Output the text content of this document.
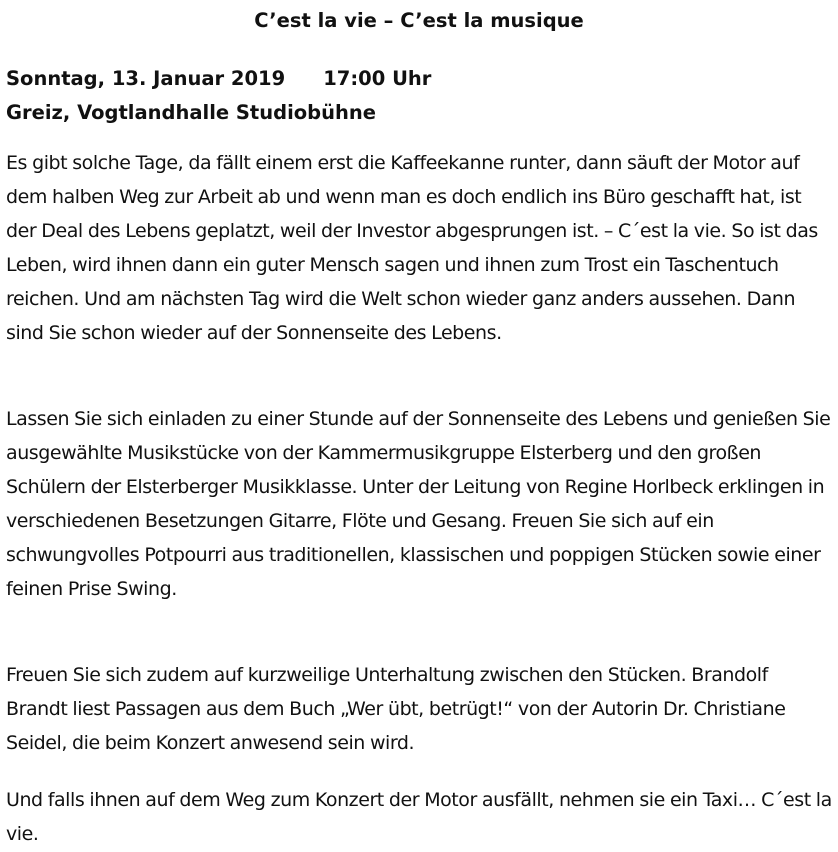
C’est la vie – C’est la musique
Sonntag, 13. Januar 2019 17:00 Uhr
Greiz, Vogtlandhalle Studiobühne

Es gibt solche Tage, da fällt einem erst die Kaffeekanne runter, dann säuft der Motor auf dem halben Weg zur Arbeit ab und wenn man es doch endlich ins Büro geschafft hat, ist der Deal des Lebens geplatzt, weil der Investor abgesprungen ist. – C´est la vie. So ist das Leben, wird ihnen dann ein guter Mensch sagen und ihnen zum Trost ein Taschentuch reichen. Und am nächsten Tag wird die Welt schon wieder ganz anders aussehen. Dann sind Sie schon wieder auf der Sonnenseite des Lebens.

Lassen Sie sich einladen zu einer Stunde auf der Sonnenseite des Lebens und genießen Sie ausgewählte Musikstücke von der Kammermusikgruppe Elsterberg und den großen Schülern der Elsterberger Musikklasse. Unter der Leitung von Regine Horlbeck erklingen in verschiedenen Besetzungen Gitarre, Flöte und Gesang. Freuen Sie sich auf ein schwungvolles Potpourri aus traditionellen, klassischen und poppigen Stücken sowie einer feinen Prise Swing.

Freuen Sie sich zudem auf kurzweilige Unterhaltung zwischen den Stücken. Brandolf Brandt liest Passagen aus dem Buch „Wer übt, betrügt!“ von der Autorin Dr. Christiane Seidel, die beim Konzert anwesend sein wird.

Und falls ihnen auf dem Weg zum Konzert der Motor ausfällt, nehmen sie ein Taxi… C´est la vie.
